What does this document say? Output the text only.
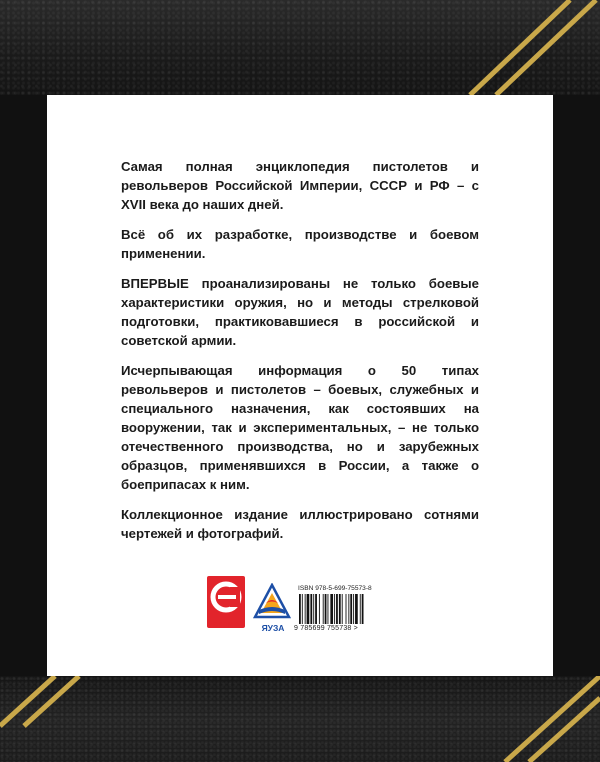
Самая полная энциклопедия пистолетов и револьверов Российской Империи, СССР и РФ – с XVII века до наших дней.

Всё об их разработке, производстве и боевом применении.

ВПЕРВЫЕ проанализированы не только боевые характеристики оружия, но и методы стрелковой подготовки, практиковавшиеся в российской и советской армии.

Исчерпывающая информация о 50 типах револьверов и пистолетов – боевых, служебных и специального назначения, как состоявших на вооружении, так и экспериментальных, – не только отечественного производства, но и зарубежных образцов, применявшихся в России, а также о боеприпасах к ним.

Коллекционное издание иллюстрировано сотнями чертежей и фотографий.

ЭКСМО	ЯУЗА
ISBN 978-5-699-75573-8
9 785699 755738 >
